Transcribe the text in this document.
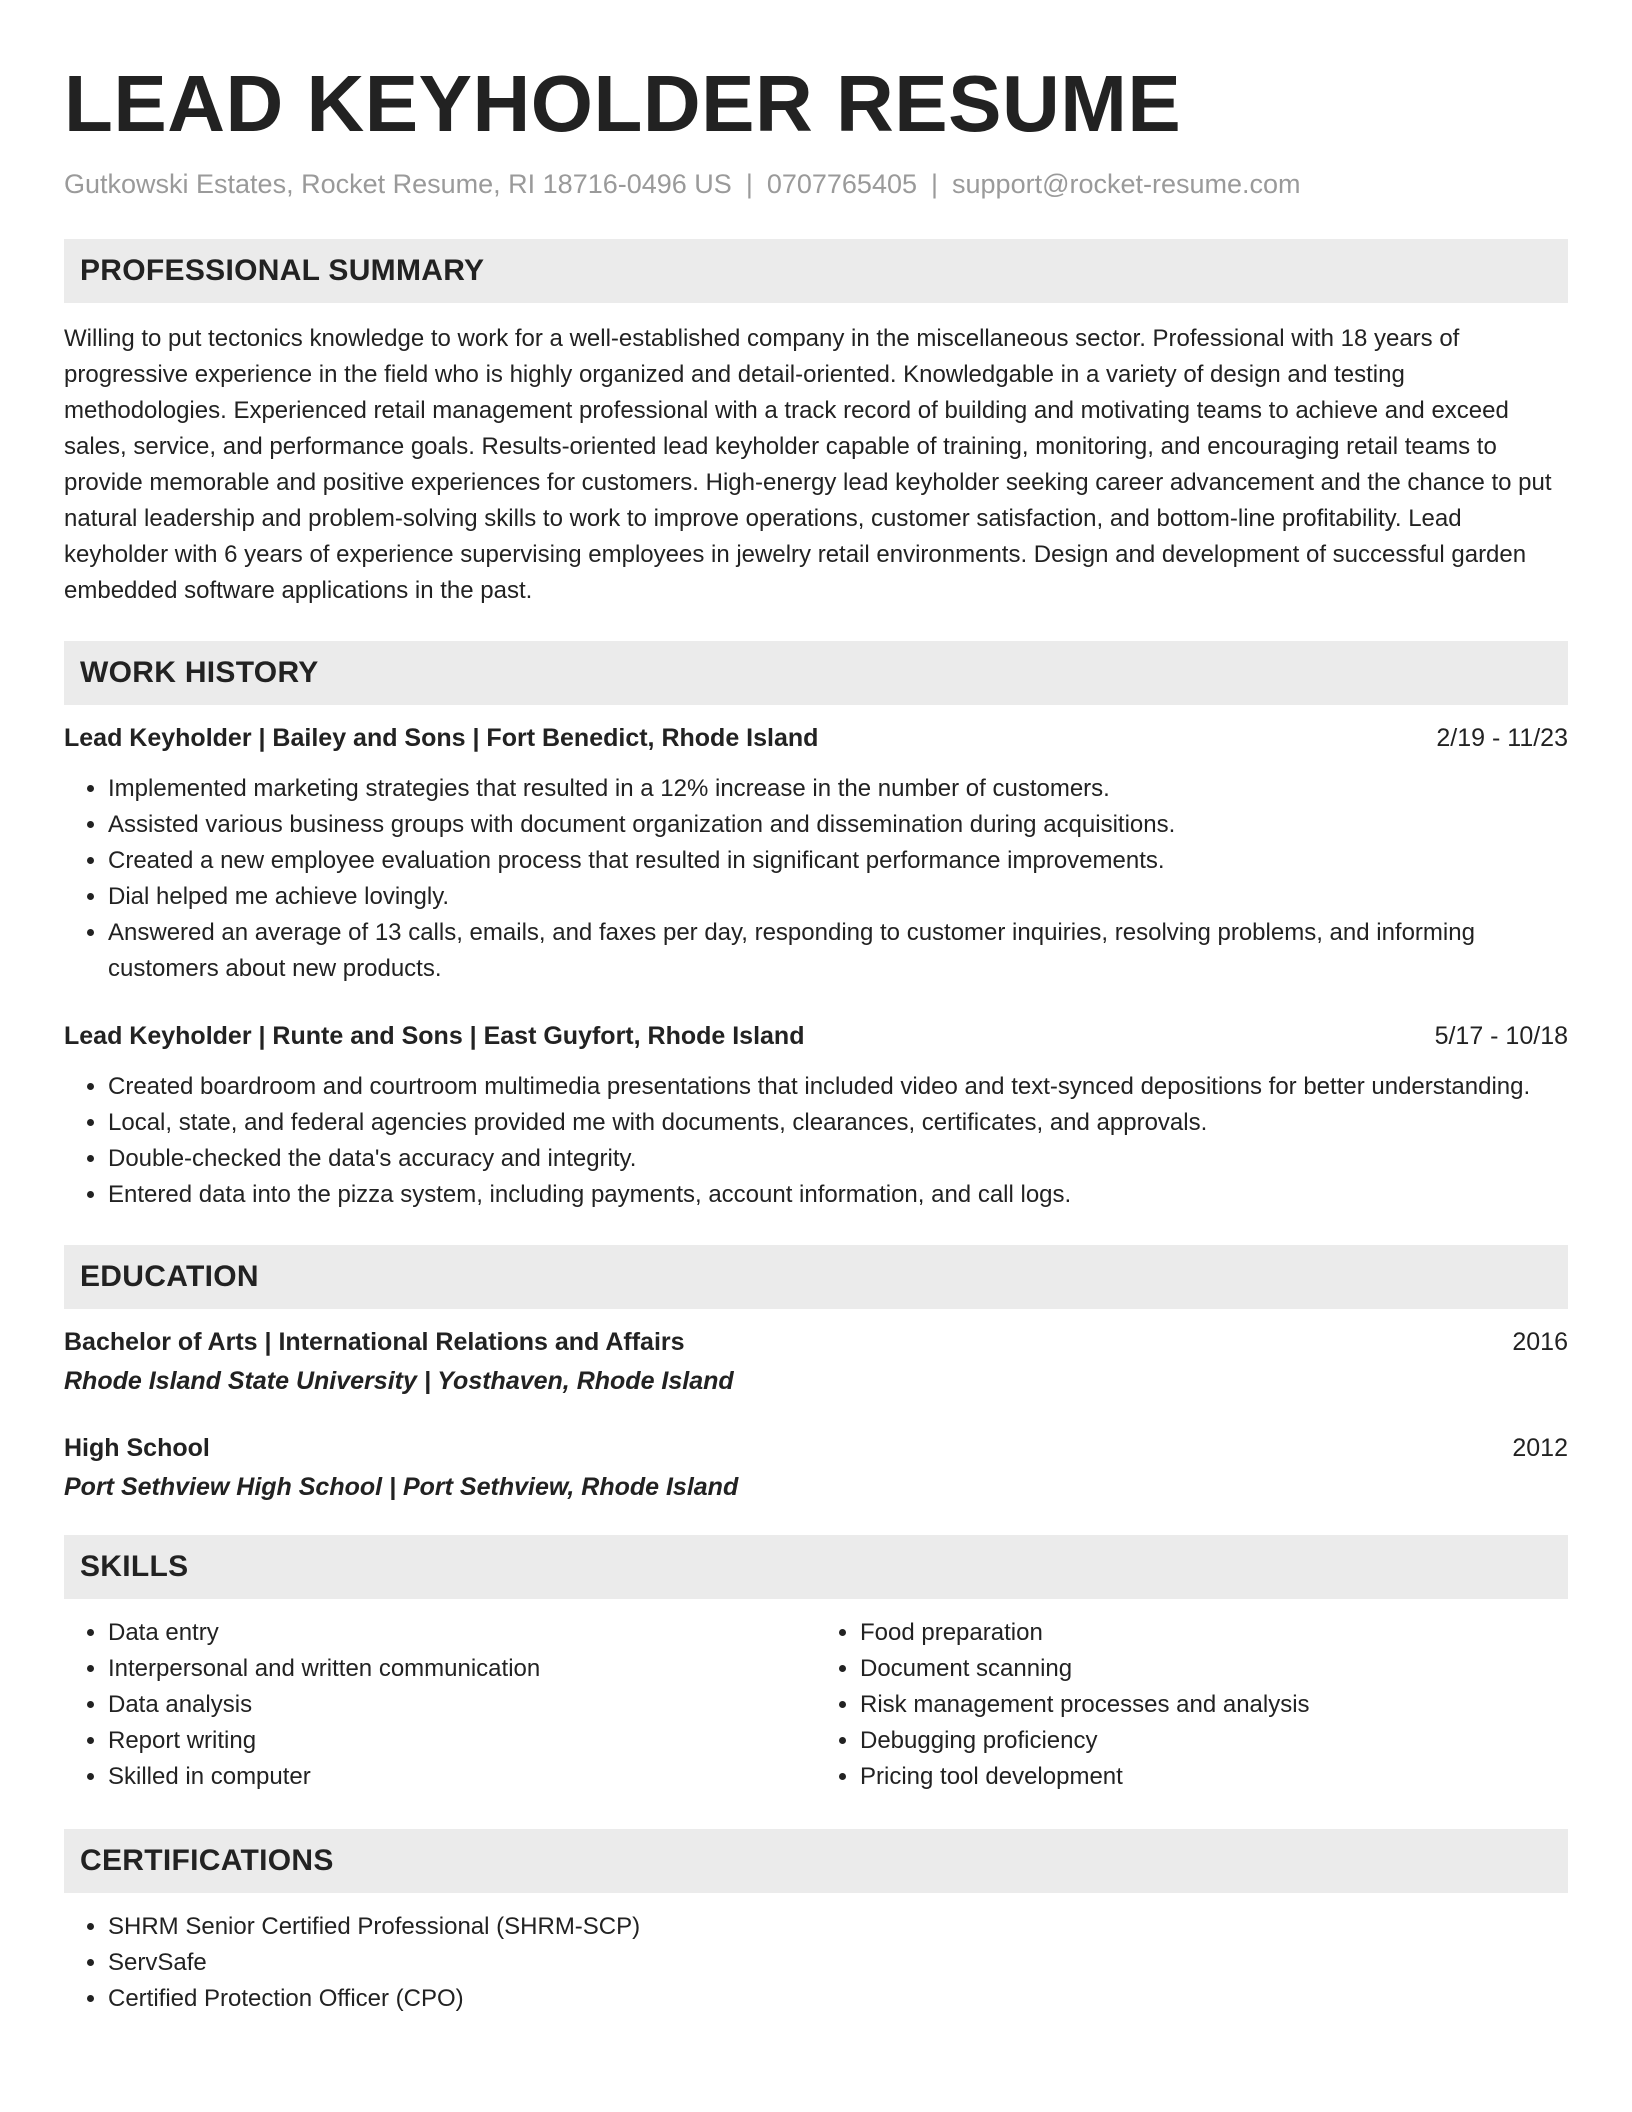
LEAD KEYHOLDER RESUME
Gutkowski Estates, Rocket Resume, RI 18716-0496 US | 0707765405 | support@rocket-resume.com
PROFESSIONAL SUMMARY

Willing to put tectonics knowledge to work for a well-established company in the miscellaneous sector. Professional with 18 years of progressive experience in the field who is highly organized and detail-oriented. Knowledgable in a variety of design and testing methodologies. Experienced retail management professional with a track record of building and motivating teams to achieve and exceed sales, service, and performance goals. Results-oriented lead keyholder capable of training, monitoring, and encouraging retail teams to provide memorable and positive experiences for customers. High-energy lead keyholder seeking career advancement and the chance to put natural leadership and problem-solving skills to work to improve operations, customer satisfaction, and bottom-line profitability. Lead keyholder with 6 years of experience supervising employees in jewelry retail environments. Design and development of successful garden embedded software applications in the past.

WORK HISTORY
Lead Keyholder | Bailey and Sons | Fort Benedict, Rhode Island	2/19 - 11/23
• Implemented marketing strategies that resulted in a 12% increase in the number of customers.
• Assisted various business groups with document organization and dissemination during acquisitions.
• Created a new employee evaluation process that resulted in significant performance improvements.
• Dial helped me achieve lovingly.
• Answered an average of 13 calls, emails, and faxes per day, responding to customer inquiries, resolving problems, and informing customers about new products.
Lead Keyholder | Runte and Sons | East Guyfort, Rhode Island	5/17 - 10/18
• Created boardroom and courtroom multimedia presentations that included video and text-synced depositions for better understanding.
• Local, state, and federal agencies provided me with documents, clearances, certificates, and approvals.
• Double-checked the data's accuracy and integrity.
• Entered data into the pizza system, including payments, account information, and call logs.
EDUCATION
Bachelor of Arts | International Relations and Affairs	2016
Rhode Island State University | Yosthaven, Rhode Island
High School	2012
Port Sethview High School | Port Sethview, Rhode Island
SKILLS
• Data entry
• Interpersonal and written communication
• Data analysis
• Report writing
• Skilled in computer
• Food preparation
• Document scanning
• Risk management processes and analysis
• Debugging proficiency
• Pricing tool development
CERTIFICATIONS
• SHRM Senior Certified Professional (SHRM-SCP)
• ServSafe
• Certified Protection Officer (CPO)
